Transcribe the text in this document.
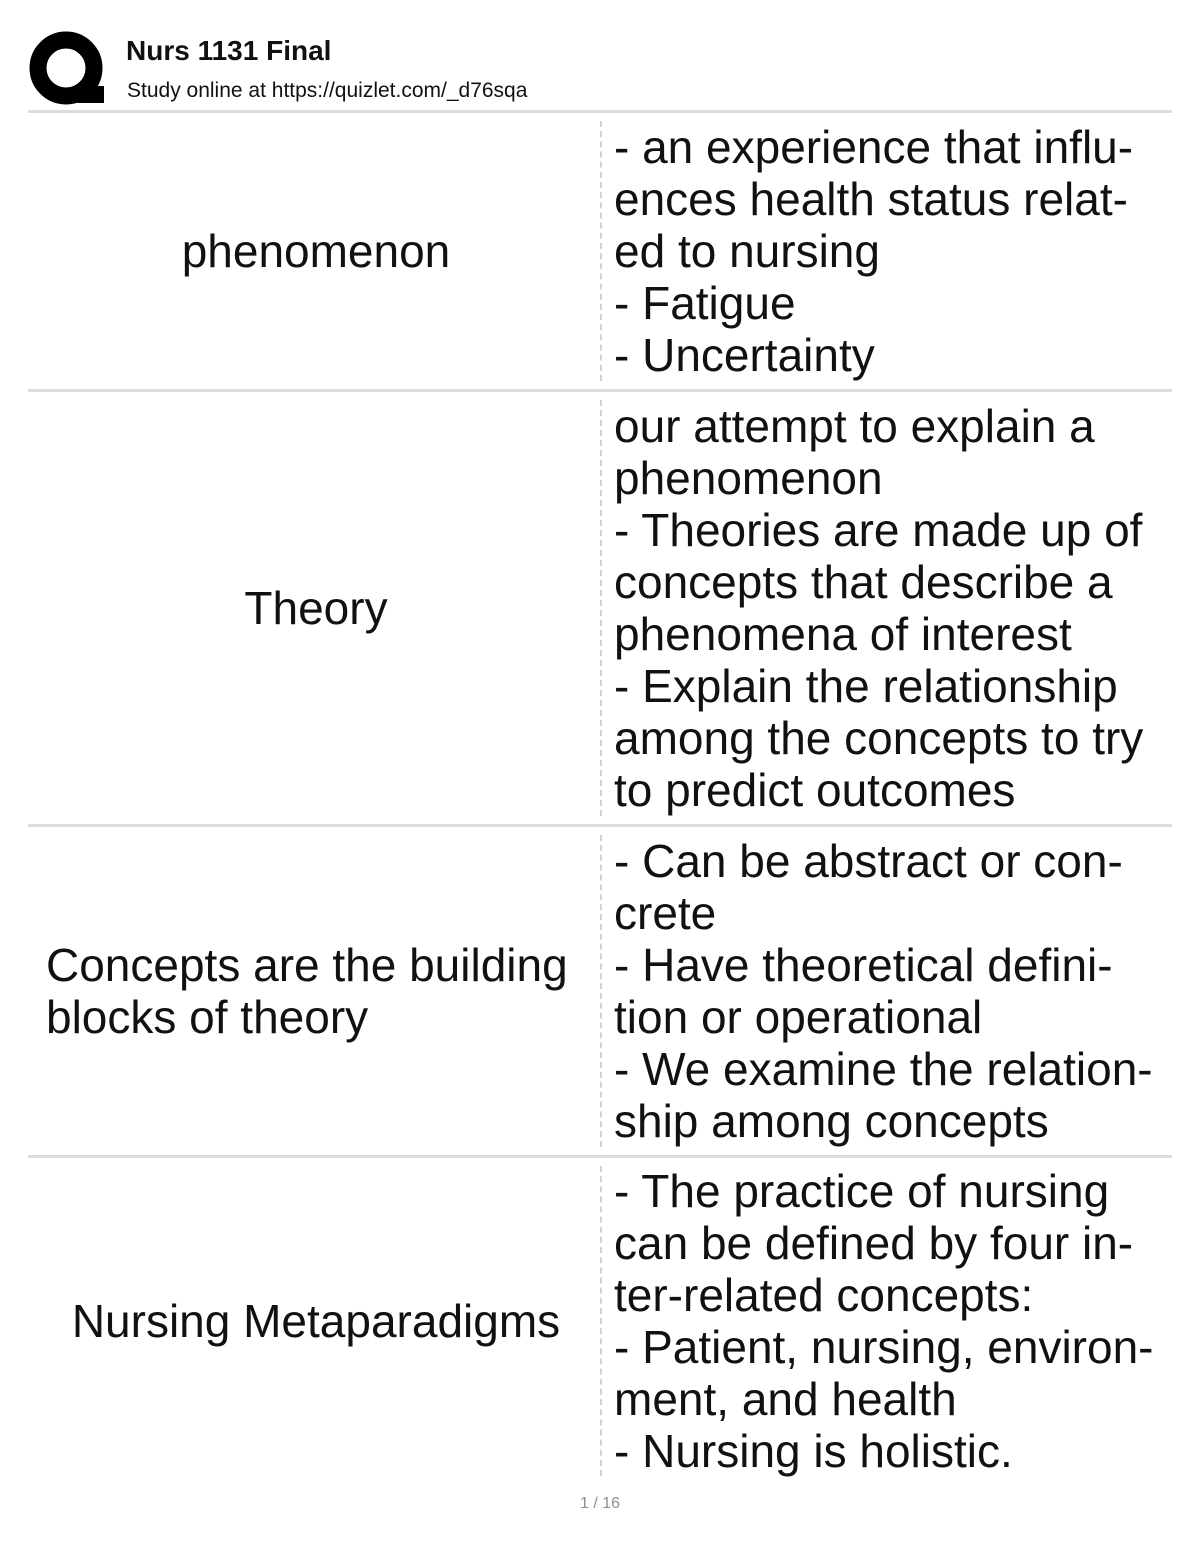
Nurs 1131 Final
Study online at https://quizlet.com/_d76sqa
phenomenon
- an experience that influ-
ences health status relat-
ed to nursing
- Fatigue
- Uncertainty
Theory
our attempt to explain a
phenomenon
- Theories are made up of
concepts that describe a
phenomena of interest
- Explain the relationship
among the concepts to try
to predict outcomes
Concepts are the building
blocks of theory
- Can be abstract or con-
crete
- Have theoretical defini-
tion or operational
- We examine the relation-
ship among concepts
Nursing Metaparadigms
- The practice of nursing
can be defined by four in-
ter-related concepts:
- Patient, nursing, environ-
ment, and health
- Nursing is holistic.
1 / 16
